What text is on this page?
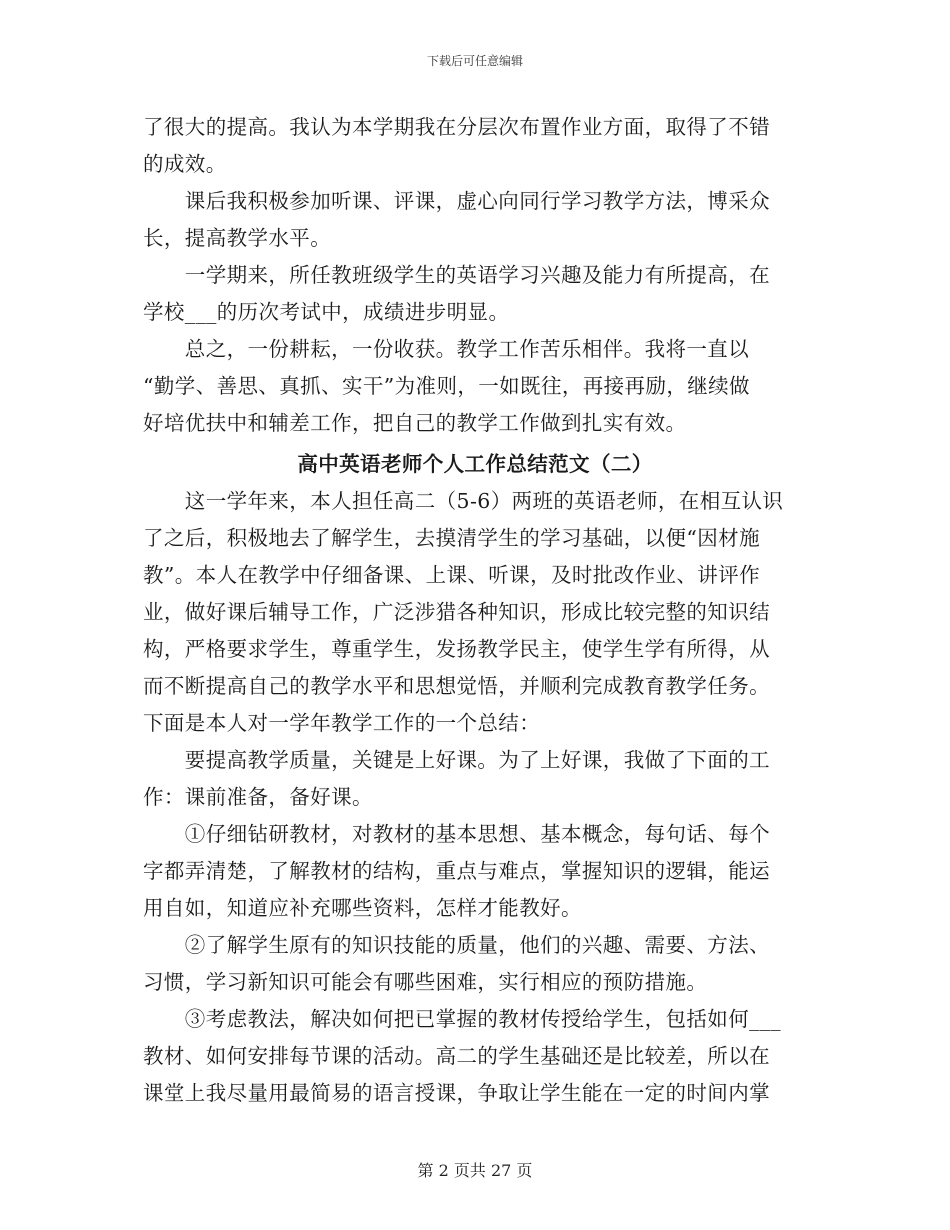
下载后可任意编辑
了很大的提高。我认为本学期我在分层次布置作业方面，取得了不错
的成效。
　　课后我积极参加听课、评课，虚心向同行学习教学方法，博采众
长，提高教学水平。
　　一学期来，所任教班级学生的英语学习兴趣及能力有所提高，在
学校___的历次考试中，成绩进步明显。
　　总之，一份耕耘，一份收获。教学工作苦乐相伴。我将一直以
“勤学、善思、真抓、实干”为准则，一如既往，再接再励，继续做
好培优扶中和辅差工作，把自己的教学工作做到扎实有效。
高中英语老师个人工作总结范文（二）
　　这一学年来，本人担任高二（5-6）两班的英语老师，在相互认识
了之后，积极地去了解学生，去摸清学生的学习基础，以便“因材施
教”。本人在教学中仔细备课、上课、听课，及时批改作业、讲评作
业，做好课后辅导工作，广泛涉猎各种知识，形成比较完整的知识结
构，严格要求学生，尊重学生，发扬教学民主，使学生学有所得，从
而不断提高自己的教学水平和思想觉悟，并顺利完成教育教学任务。
下面是本人对一学年教学工作的一个总结：
　　要提高教学质量，关键是上好课。为了上好课，我做了下面的工
作：课前准备，备好课。
　　①仔细钻研教材，对教材的基本思想、基本概念，每句话、每个
字都弄清楚，了解教材的结构，重点与难点，掌握知识的逻辑，能运
用自如，知道应补充哪些资料，怎样才能教好。
　　②了解学生原有的知识技能的质量，他们的兴趣、需要、方法、
习惯，学习新知识可能会有哪些困难，实行相应的预防措施。
　　③考虑教法，解决如何把已掌握的教材传授给学生，包括如何___
教材、如何安排每节课的活动。高二的学生基础还是比较差，所以在
课堂上我尽量用最简易的语言授课，争取让学生能在一定的时间内掌
第 2 页共 27 页
